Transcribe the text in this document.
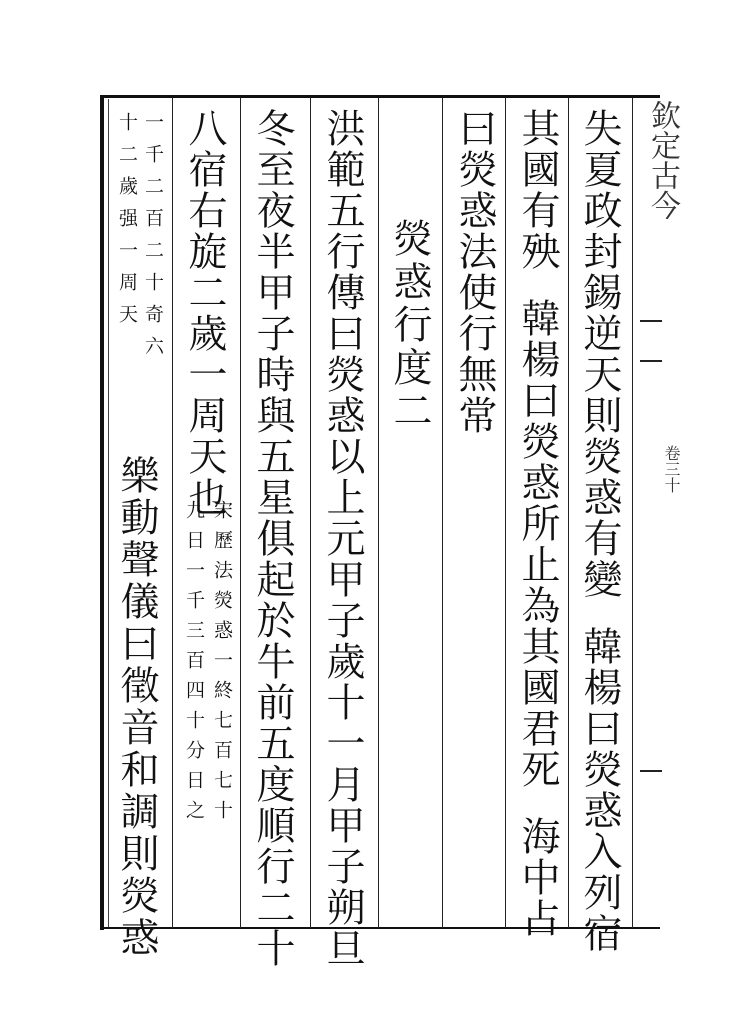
欽定古今
卷三十
失夏政封錫逆天則熒惑有變韓楊曰熒惑入列宿
其國有殃韓楊曰熒惑所止為其國君死海中占
曰熒惑法使行無常
熒惑行度二
洪範五行傳曰熒惑以上元甲子歲十一月甲子朔旦
冬至夜半甲子時與五星俱起於牛前五度順行二十
八宿右旋二歲一周天也
宋歷法熒惑一終七百七十
九日一千三百四十分日之
一千二百二十奇六
十二歲强一周天
樂動聲儀曰徵音和調則熒惑
